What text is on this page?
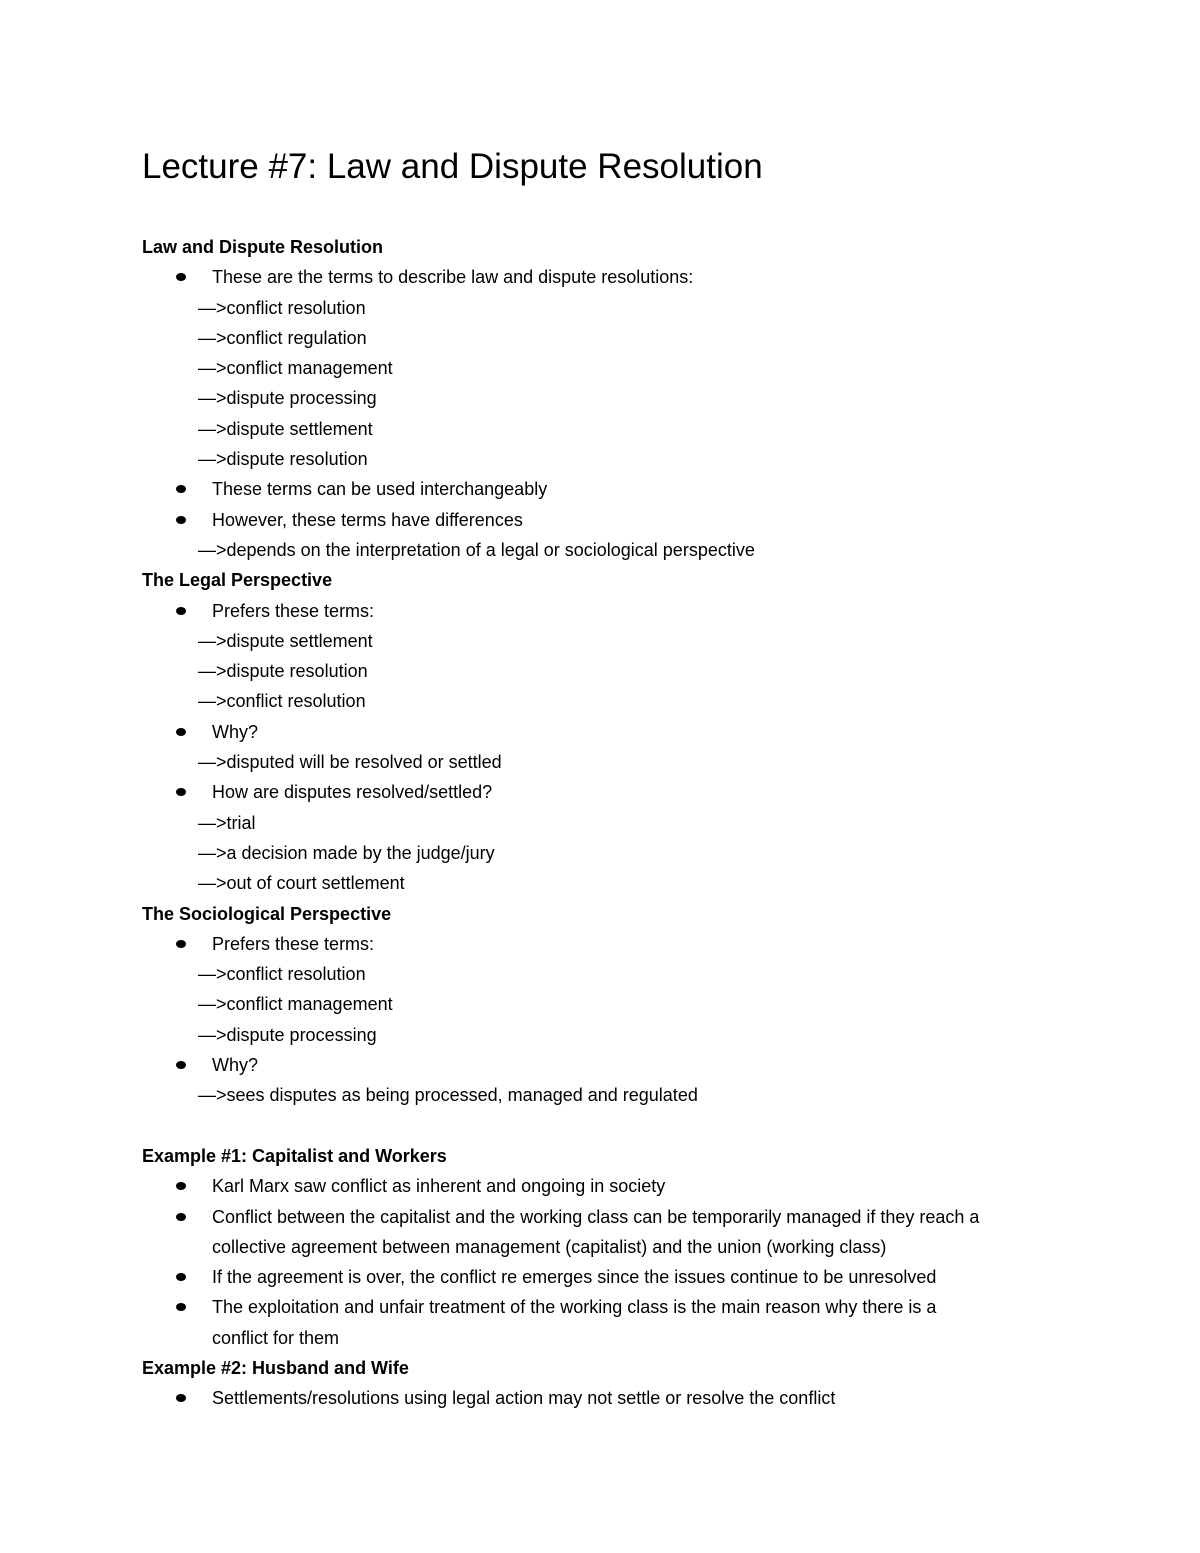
Lecture #7: Law and Dispute Resolution
Law and Dispute Resolution
These are the terms to describe law and dispute resolutions:
—>conflict resolution
—>conflict regulation
—>conflict management
—>dispute processing
—>dispute settlement
—>dispute resolution
These terms can be used interchangeably
However, these terms have differences
—>depends on the interpretation of a legal or sociological perspective
The Legal Perspective
Prefers these terms:
—>dispute settlement
—>dispute resolution
—>conflict resolution
Why?
—>disputed will be resolved or settled
How are disputes resolved/settled?
—>trial
—>a decision made by the judge/jury
—>out of court settlement
The Sociological Perspective
Prefers these terms:
—>conflict resolution
—>conflict management
—>dispute processing
Why?
—>sees disputes as being processed, managed and regulated
Example #1: Capitalist and Workers
Karl Marx saw conflict as inherent and ongoing in society
Conflict between the capitalist and the working class can be temporarily managed if they reach a
collective agreement between management (capitalist) and the union (working class)
If the agreement is over, the conflict re emerges since the issues continue to be unresolved
The exploitation and unfair treatment of the working class is the main reason why there is a
conflict for them
Example #2: Husband and Wife
Settlements/resolutions using legal action may not settle or resolve the conflict
